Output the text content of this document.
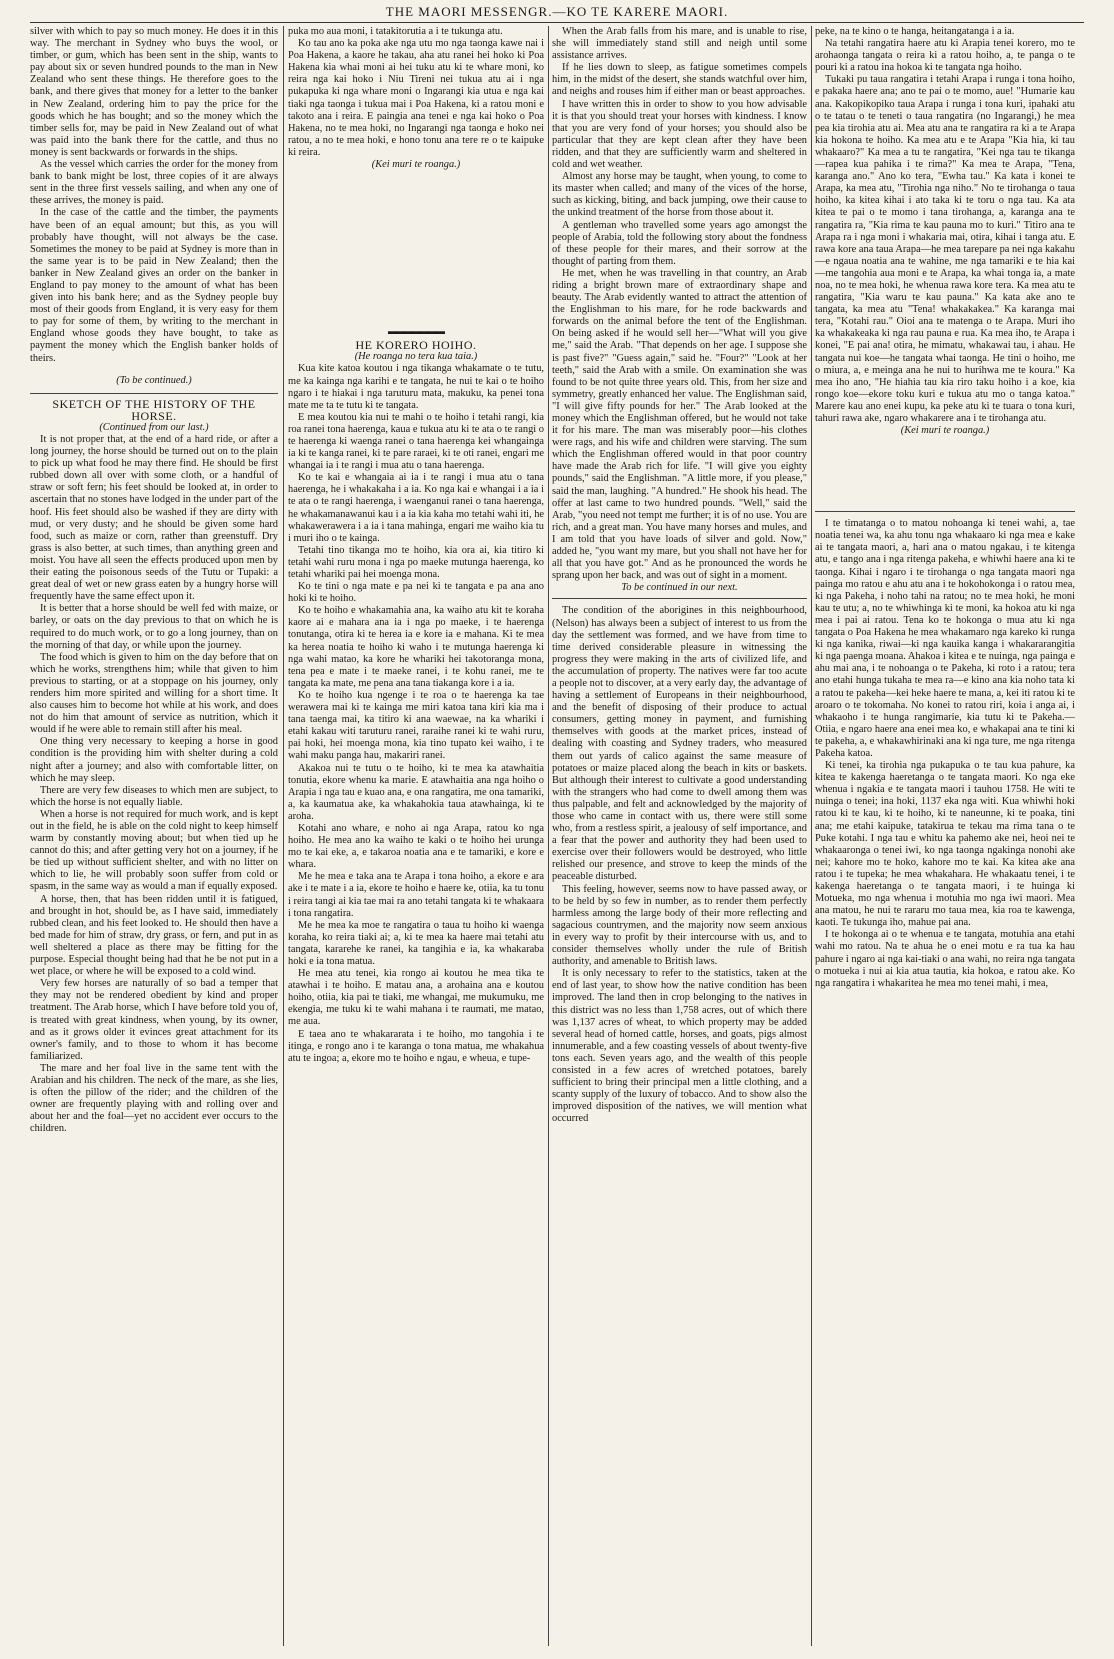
THE MAORI MESSENGR.—KO TE KARERE MAORI.

silver with which to pay so much money. He does it in this way. The merchant in Sydney who buys the wool, or timber, or gum, which has been sent in the ship, wants to pay about six or seven hundred pounds to the man in New Zealand who sent these things. He therefore goes to the bank, and there gives that money for a letter to the banker in New Zealand, ordering him to pay the price for the goods which he has bought; and so the money which the timber sells for, may be paid in New Zealand out of what was paid into the bank there for the cattle, and thus no money is sent backwards or forwards in the ships.

As the vessel which carries the order for the money from bank to bank might be lost, three copies of it are always sent in the three first vessels sailing, and when any one of these arrives, the money is paid.

In the case of the cattle and the timber, the payments have been of an equal amount; but this, as you will probably have thought, will not always be the case. Sometimes the money to be paid at Sydney is more than in the same year is to be paid in New Zealand; then the banker in New Zealand gives an order on the banker in England to pay money to the amount of what has been given into his bank here; and as the Sydney people buy most of their goods from England, it is very easy for them to pay for some of them, by writing to the merchant in England whose goods they have bought, to take as payment the money which the English banker holds of theirs.

(To be continued.)

SKETCH OF THE HISTORY OF THE HORSE.

(Continued from our last.)

It is not proper that, at the end of a hard ride, or after a long journey, the horse should be turned out on to the plain to pick up what food he may there find. He should be first rubbed down all over with some cloth, or a handful of straw or soft fern; his feet should be looked at, in order to ascertain that no stones have lodged in the under part of the hoof. His feet should also be washed if they are dirty with mud, or very dusty; and he should be given some hard food, such as maize or corn, rather than greenstuff. Dry grass is also better, at such times, than anything green and moist. You have all seen the effects produced upon men by their eating the poisonous seeds of the Tutu or Tupaki: a great deal of wet or new grass eaten by a hungry horse will frequently have the same effect upon it.

It is better that a horse should be well fed with maize, or barley, or oats on the day previous to that on which he is required to do much work, or to go a long journey, than on the morning of that day, or while upon the journey.

The food which is given to him on the day before that on which he works, strengthens him; while that given to him previous to starting, or at a stoppage on his journey, only renders him more spirited and willing for a short time. It also causes him to become hot while at his work, and does not do him that amount of service as nutrition, which it would if he were able to remain still after his meal.

One thing very necessary to keeping a horse in good condition is the providing him with shelter during a cold night after a journey; and also with comfortable litter, on which he may sleep.

There are very few diseases to which men are subject, to which the horse is not equally liable.

When a horse is not required for much work, and is kept out in the field, he is able on the cold night to keep himself warm by constantly moving about; but when tied up he cannot do this; and after getting very hot on a journey, if he be tied up without sufficient shelter, and with no litter on which to lie, he will probably soon suffer from cold or spasm, in the same way as would a man if equally exposed.

A horse, then, that has been ridden until it is fatigued, and brought in hot, should be, as I have said, immediately rubbed clean, and his feet looked to. He should then have a bed made for him of straw, dry grass, or fern, and put in as well sheltered a place as there may be fitting for the purpose. Especial thought being had that he be not put in a wet place, or where he will be exposed to a cold wind.

Very few horses are naturally of so bad a temper that they may not be rendered obedient by kind and proper treatment. The Arab horse, which I have before told you of, is treated with great kindness, when young, by its owner, and as it grows older it evinces great attachment for its owner's family, and to those to whom it has become familiarized.

The mare and her foal live in the same tent with the Arabian and his children. The neck of the mare, as she lies, is often the pillow of the rider; and the children of the owner are frequently playing with and rolling over and about her and the foal—yet no accident ever occurs to the children.

puka mo aua moni, i tatakitorutia a i te tukunga atu.

Ko tau ano ka poka ake nga utu mo nga taonga kawe nai i Poa Hakena, a kaore he takau, aha atu ranei hei hoko ki Poa Hakena kia whai moni ai hei tuku atu ki te whare moni, ko reira nga kai hoko i Niu Tireni nei tukua atu ai i nga pukapuka ki nga whare moni o Ingarangi kia utua e nga kai tiaki nga taonga i tukua mai i Poa Hakena, ki a ratou moni e takoto ana i reira. E paingia ana tenei e nga kai hoko o Poa Hakena, no te mea hoki, no Ingarangi nga taonga e hoko nei ratou, a no te mea hoki, e hono tonu ana tere re o te kaipuke ki reira.

(Kei muri te roanga.)

▬▬▬▬▬▬▬

HE KORERO HOIHO.

(He roanga no tera kua taia.)

Kua kite katoa koutou i nga tikanga whakamate o te tutu, me ka kainga nga karihi e te tangata, he nui te kai o te hoiho ngaro i te hiakai i nga taruturu mata, makuku, ka penei tona mate me ta te tutu ki te tangata.

E mea koutou kia nui te mahi o te hoiho i tetahi rangi, kia roa ranei tona haerenga, kaua e tukua atu ki te ata o te rangi o te haerenga ki waenga ranei o tana haerenga kei whangainga ia ki te kanga ranei, ki te pare raraei, ki te oti ranei, engari me whangai ia i te rangi i mua atu o tana haerenga.

Ko te kai e whangaia ai ia i te rangi i mua atu o tana haerenga, he i whakakaha i a ia. Ko nga kai e whangai i a ia i te ata o te rangi haerenga, i waenganui ranei o tana haerenga, he whakamanawanui kau i a ia kia kaha mo tetahi wahi iti, he whakawerawera i a ia i tana mahinga, engari me waiho kia tu i muri iho o te kainga.

Tetahi tino tikanga mo te hoiho, kia ora ai, kia titiro ki tetahi wahi ruru mona i nga po maeke mutunga haerenga, ko tetahi whariki pai hei moenga mona.

Ko te tini o nga mate e pa nei ki te tangata e pa ana ano hoki ki te hoiho.

Ko te hoiho e whakamahia ana, ka waiho atu kit te koraha kaore ai e mahara ana ia i nga po maeke, i te haerenga tonutanga, otira ki te herea ia e kore ia e mahana. Ki te mea ka herea noatia te hoiho ki waho i te mutunga haerenga ki nga wahi matao, ka kore he whariki hei takotoranga mona, tena pea e mate i te maeke ranei, i te kohu ranei, me te tangata ka mate, me pena ana tana tiakanga kore i a ia.

Ko te hoiho kua ngenge i te roa o te haerenga ka tae werawera mai ki te kainga me miri katoa tana kiri kia ma i tana taenga mai, ka titiro ki ana waewae, na ka whariki i etahi kakau witi taruturu ranei, raraihe ranei ki te wahi ruru, pai hoki, hei moenga mona, kia tino tupato kei waiho, i te wahi maku panga hau, makariri ranei.

Akakoa nui te tutu o te hoiho, ki te mea ka atawhaitia tonutia, ekore whenu ka marie. E atawhaitia ana nga hoiho o Arapia i nga tau e kuao ana, e ona rangatira, me ona tamariki, a, ka kaumatua ake, ka whakahokia taua atawhainga, ki te aroha.

Kotahi ano whare, e noho ai nga Arapa, ratou ko nga hoiho. He mea ano ka waiho te kaki o te hoiho hei urunga mo te kai eke, a, e takaroa noatia ana e te tamariki, e kore e whara.

Me he mea e taka ana te Arapa i tona hoiho, a ekore e ara ake i te mate i a ia, ekore te hoiho e haere ke, otiia, ka tu tonu i reira tangi ai kia tae mai ra ano tetahi tangata ki te whakaara i tona rangatira.

Me he mea ka moe te rangatira o taua tu hoiho ki waenga koraha, ko reira tiaki ai; a, ki te mea ka haere mai tetahi atu tangata, kararehe ke ranei, ka tangihia e ia, ka whakaraba hoki e ia tona matua.

He mea atu tenei, kia rongo ai koutou he mea tika te atawhai i te hoiho. E matau ana, a arohaina ana e koutou hoiho, otiia, kia pai te tiaki, me whangai, me mukumuku, me ekengia, me tuku ki te wahi mahana i te raumati, me matao, me aua.

E taea ano te whakararata i te hoiho, mo tangohia i te itinga, e rongo ano i te karanga o tona matua, me whakahua atu te ingoa; a, ekore mo te hoiho e ngau, e wheua, e tupe-

When the Arab falls from his mare, and is unable to rise, she will immediately stand still and neigh until some assistance arrives.

If he lies down to sleep, as fatigue sometimes compels him, in the midst of the desert, she stands watchful over him, and neighs and rouses him if either man or beast approaches.

I have written this in order to show to you how advisable it is that you should treat your horses with kindness. I know that you are very fond of your horses; you should also be particular that they are kept clean after they have been ridden, and that they are sufficiently warm and sheltered in cold and wet weather.

Almost any horse may be taught, when young, to come to its master when called; and many of the vices of the horse, such as kicking, biting, and back jumping, owe their cause to the unkind treatment of the horse from those about it.

A gentleman who travelled some years ago amongst the people of Arabia, told the following story about the fondness of these people for their mares, and their sorrow at the thought of parting from them.

He met, when he was travelling in that country, an Arab riding a bright brown mare of extraordinary shape and beauty. The Arab evidently wanted to attract the attention of the Englishman to his mare, for he rode backwards and forwards on the animal before the tent of the Englishman. On being asked if he would sell her—"What will you give me," said the Arab. "That depends on her age. I suppose she is past five?" "Guess again," said he. "Four?" "Look at her teeth," said the Arab with a smile. On examination she was found to be not quite three years old. This, from her size and symmetry, greatly enhanced her value. The Englishman said, "I will give fifty pounds for her." The Arab looked at the money which the Englishman offered, but he would not take it for his mare. The man was miserably poor—his clothes were rags, and his wife and children were starving. The sum which the Englishman offered would in that poor country have made the Arab rich for life. "I will give you eighty pounds," said the Englishman. "A little more, if you please," said the man, laughing. "A hundred." He shook his head. The offer at last came to two hundred pounds. "Well," said the Arab, "you need not tempt me further; it is of no use. You are rich, and a great man. You have many horses and mules, and I am told that you have loads of silver and gold. Now," added he, "you want my mare, but you shall not have her for all that you have got." And as he pronounced the words he sprang upon her back, and was out of sight in a moment.

To be continued in our next.

The condition of the aborigines in this neighbourhood, (Nelson) has always been a subject of interest to us from the day the settlement was formed, and we have from time to time derived considerable pleasure in witnessing the progress they were making in the arts of civilized life, and the accumulation of property. The natives were far too acute a people not to discover, at a very early day, the advantage of having a settlement of Europeans in their neighbourhood, and the benefit of disposing of their produce to actual consumers, getting money in payment, and furnishing themselves with goods at the market prices, instead of dealing with coasting and Sydney traders, who measured them out yards of calico against the same measure of potatoes or maize placed along the beach in kits or baskets. But although their interest to cultivate a good understanding with the strangers who had come to dwell among them was thus palpable, and felt and acknowledged by the majority of those who came in contact with us, there were still some who, from a restless spirit, a jealousy of self importance, and a fear that the power and authority they had been used to exercise over their followers would be destroyed, who little relished our presence, and strove to keep the minds of the peaceable disturbed.

This feeling, however, seems now to have passed away, or to be held by so few in number, as to render them perfectly harmless among the large body of their more reflecting and sagacious countrymen, and the majority now seem anxious in every way to profit by their intercourse with us, and to consider themselves wholly under the rule of British authority, and amenable to British laws.

It is only necessary to refer to the statistics, taken at the end of last year, to show how the native condition has been improved. The land then in crop belonging to the natives in this district was no less than 1,758 acres, out of which there was 1,137 acres of wheat, to which property may be added several head of horned cattle, horses, and goats, pigs almost innumerable, and a few coasting vessels of about twenty-five tons each. Seven years ago, and the wealth of this people consisted in a few acres of wretched potatoes, barely sufficient to bring their principal men a little clothing, and a scanty supply of the luxury of tobacco. And to show also the improved disposition of the natives, we will mention what occurred

peke, na te kino o te hanga, heitangatanga i a ia.

Na tetahi rangatira haere atu ki Arapia tenei korero, mo te arohaonga tangata o reira ki a ratou hoiho, a, te panga o te pouri ki a ratou ina hokoa ki te tangata nga hoiho.

Tukaki pu taua rangatira i tetahi Arapa i runga i tona hoiho, e pakaka haere ana; ano te pai o te momo, aue! "Humarie kau ana. Kakopikopiko taua Arapa i runga i tona kuri, ipahaki atu o te tatau o te teneti o taua rangatira (no Ingarangi,) he mea pea kia tirohia atu ai. Mea atu ana te rangatira ra ki a te Arapa kia hokona te hoiho. Ka mea atu e te Arapa "Kia hia, ki tau whakaaro?" Ka mea a tu te rangatira, "Kei nga tau te tikanga—rapea kua pahika i te rima?" Ka mea te Arapa, "Tena, karanga ano." Ano ko tera, "Ewha tau." Ka kata i konei te Arapa, ka mea atu, "Tirohia nga niho." No te tirohanga o taua hoiho, ka kitea kihai i ato taka ki te toru o nga tau. Ka ata kitea te pai o te momo i tana tirohanga, a, karanga ana te rangatira ra, "Kia rima te kau pauna mo to kuri." Titiro ana te Arapa ra i nga moni i whakaria mai, otira, kihai i tanga atu. E rawa kore ana taua Arapa—he mea tarepare pa nei nga kakahu—e ngaua noatia ana te wahine, me nga tamariki e te hia kai—me tangohia aua moni e te Arapa, ka whai tonga ia, a mate noa, no te mea hoki, he whenua rawa kore tera. Ka mea atu te rangatira, "Kia waru te kau pauna." Ka kata ake ano te tangata, ka mea atu "Tena! whakakakea." Ka karanga mai tera, "Kotahi rau." Oioi ana te matenga o te Arapa. Muri iho ka whakakeaka ki nga rau pauna e rua. Ka mea iho, te Arapa i konei, "E pai ana! otira, he mimatu, whakawai tau, i ahau. He tangata nui koe—he tangata whai taonga. He tini o hoiho, me o miura, a, e meinga ana he nui to hurihwa me te koura." Ka mea iho ano, "He hiahia tau kia riro taku hoiho i a koe, kia rongo koe—ekore toku kuri e tukua atu mo o tanga katoa." Marere kau ano enei kupu, ka peke atu ki te tuara o tona kuri, tahuri rawa ake, ngaro whakarere ana i te tirohanga atu.

(Kei muri te roanga.)

I te timatanga o to matou nohoanga ki tenei wahi, a, tae noatia tenei wa, ka ahu tonu nga whakaaro ki nga mea e kake ai te tangata maori, a, hari ana o matou ngakau, i te kitenga atu, e tango ana i nga ritenga pakeha, e whiwhi haere ana ki te taonga. Kihai i ngaro i te tirohanga o nga tangata maori nga painga mo ratou e ahu atu ana i te hokohokonga i o ratou mea, ki nga Pakeha, i noho tahi na ratou; no te mea hoki, he moni kau te utu; a, no te whiwhinga ki te moni, ka hokoa atu ki nga mea i pai ai ratou. Tena ko te hokonga o mua atu ki nga tangata o Poa Hakena he mea whakamaro nga kareko ki runga ki nga kanika, riwai—ki nga kauika kanga i whakararangitia ki nga paenga moana. Ahakoa i kitea e te nuinga, nga painga e ahu mai ana, i te nohoanga o te Pakeha, ki roto i a ratou; tera ano etahi hunga tukaha te mea ra—e kino ana kia noho tata ki a ratou te pakeha—kei heke haere te mana, a, kei iti ratou ki te aroaro o te tokomaha. No konei to ratou riri, koia i anga ai, i whakaoho i te hunga rangimarie, kia tutu ki te Pakeha.—Otiia, e ngaro haere ana enei mea ko, e whakapai ana te tini ki te pakeha, a, e whakawhirinaki ana ki nga ture, me nga ritenga Pakeha katoa.

Ki tenei, ka tirohia nga pukapuka o te tau kua pahure, ka kitea te kakenga haeretanga o te tangata maori. Ko nga eke whenua i ngakia e te tangata maori i tauhou 1758. He witi te nuinga o tenei; ina hoki, 1137 eka nga witi. Kua whiwhi hoki ratou ki te kau, ki te hoiho, ki te naneunne, ki te poaka, tini ana; me etahi kaipuke, tatakirua te tekau ma rima tana o te Puke kotahi. I nga tau e whitu ka pahemo ake nei, heoi nei te whakaaronga o tenei iwi, ko nga taonga ngakinga nonohi ake nei; kahore mo te hoko, kahore mo te kai. Ka kitea ake ana ratou i te tupeka; he mea whakahara. He whakaatu tenei, i te kakenga haeretanga o te tangata maori, i te huinga ki Motueka, mo nga whenua i motuhia mo nga iwi maori. Mea ana matou, he nui te rararu mo taua mea, kia roa te kawenga, kaoti. Te tukunga iho, mahue pai ana.

I te hokonga ai o te whenua e te tangata, motuhia ana etahi wahi mo ratou. Na te ahua he o enei motu e ra tua ka hau pahure i ngaro ai nga kai-tiaki o ana wahi, no reira nga tangata o motueka i nui ai kia atua tautia, kia hokoa, e ratou ake. Ko nga rangatira i whakaritea he mea mo tenei mahi, i mea,
